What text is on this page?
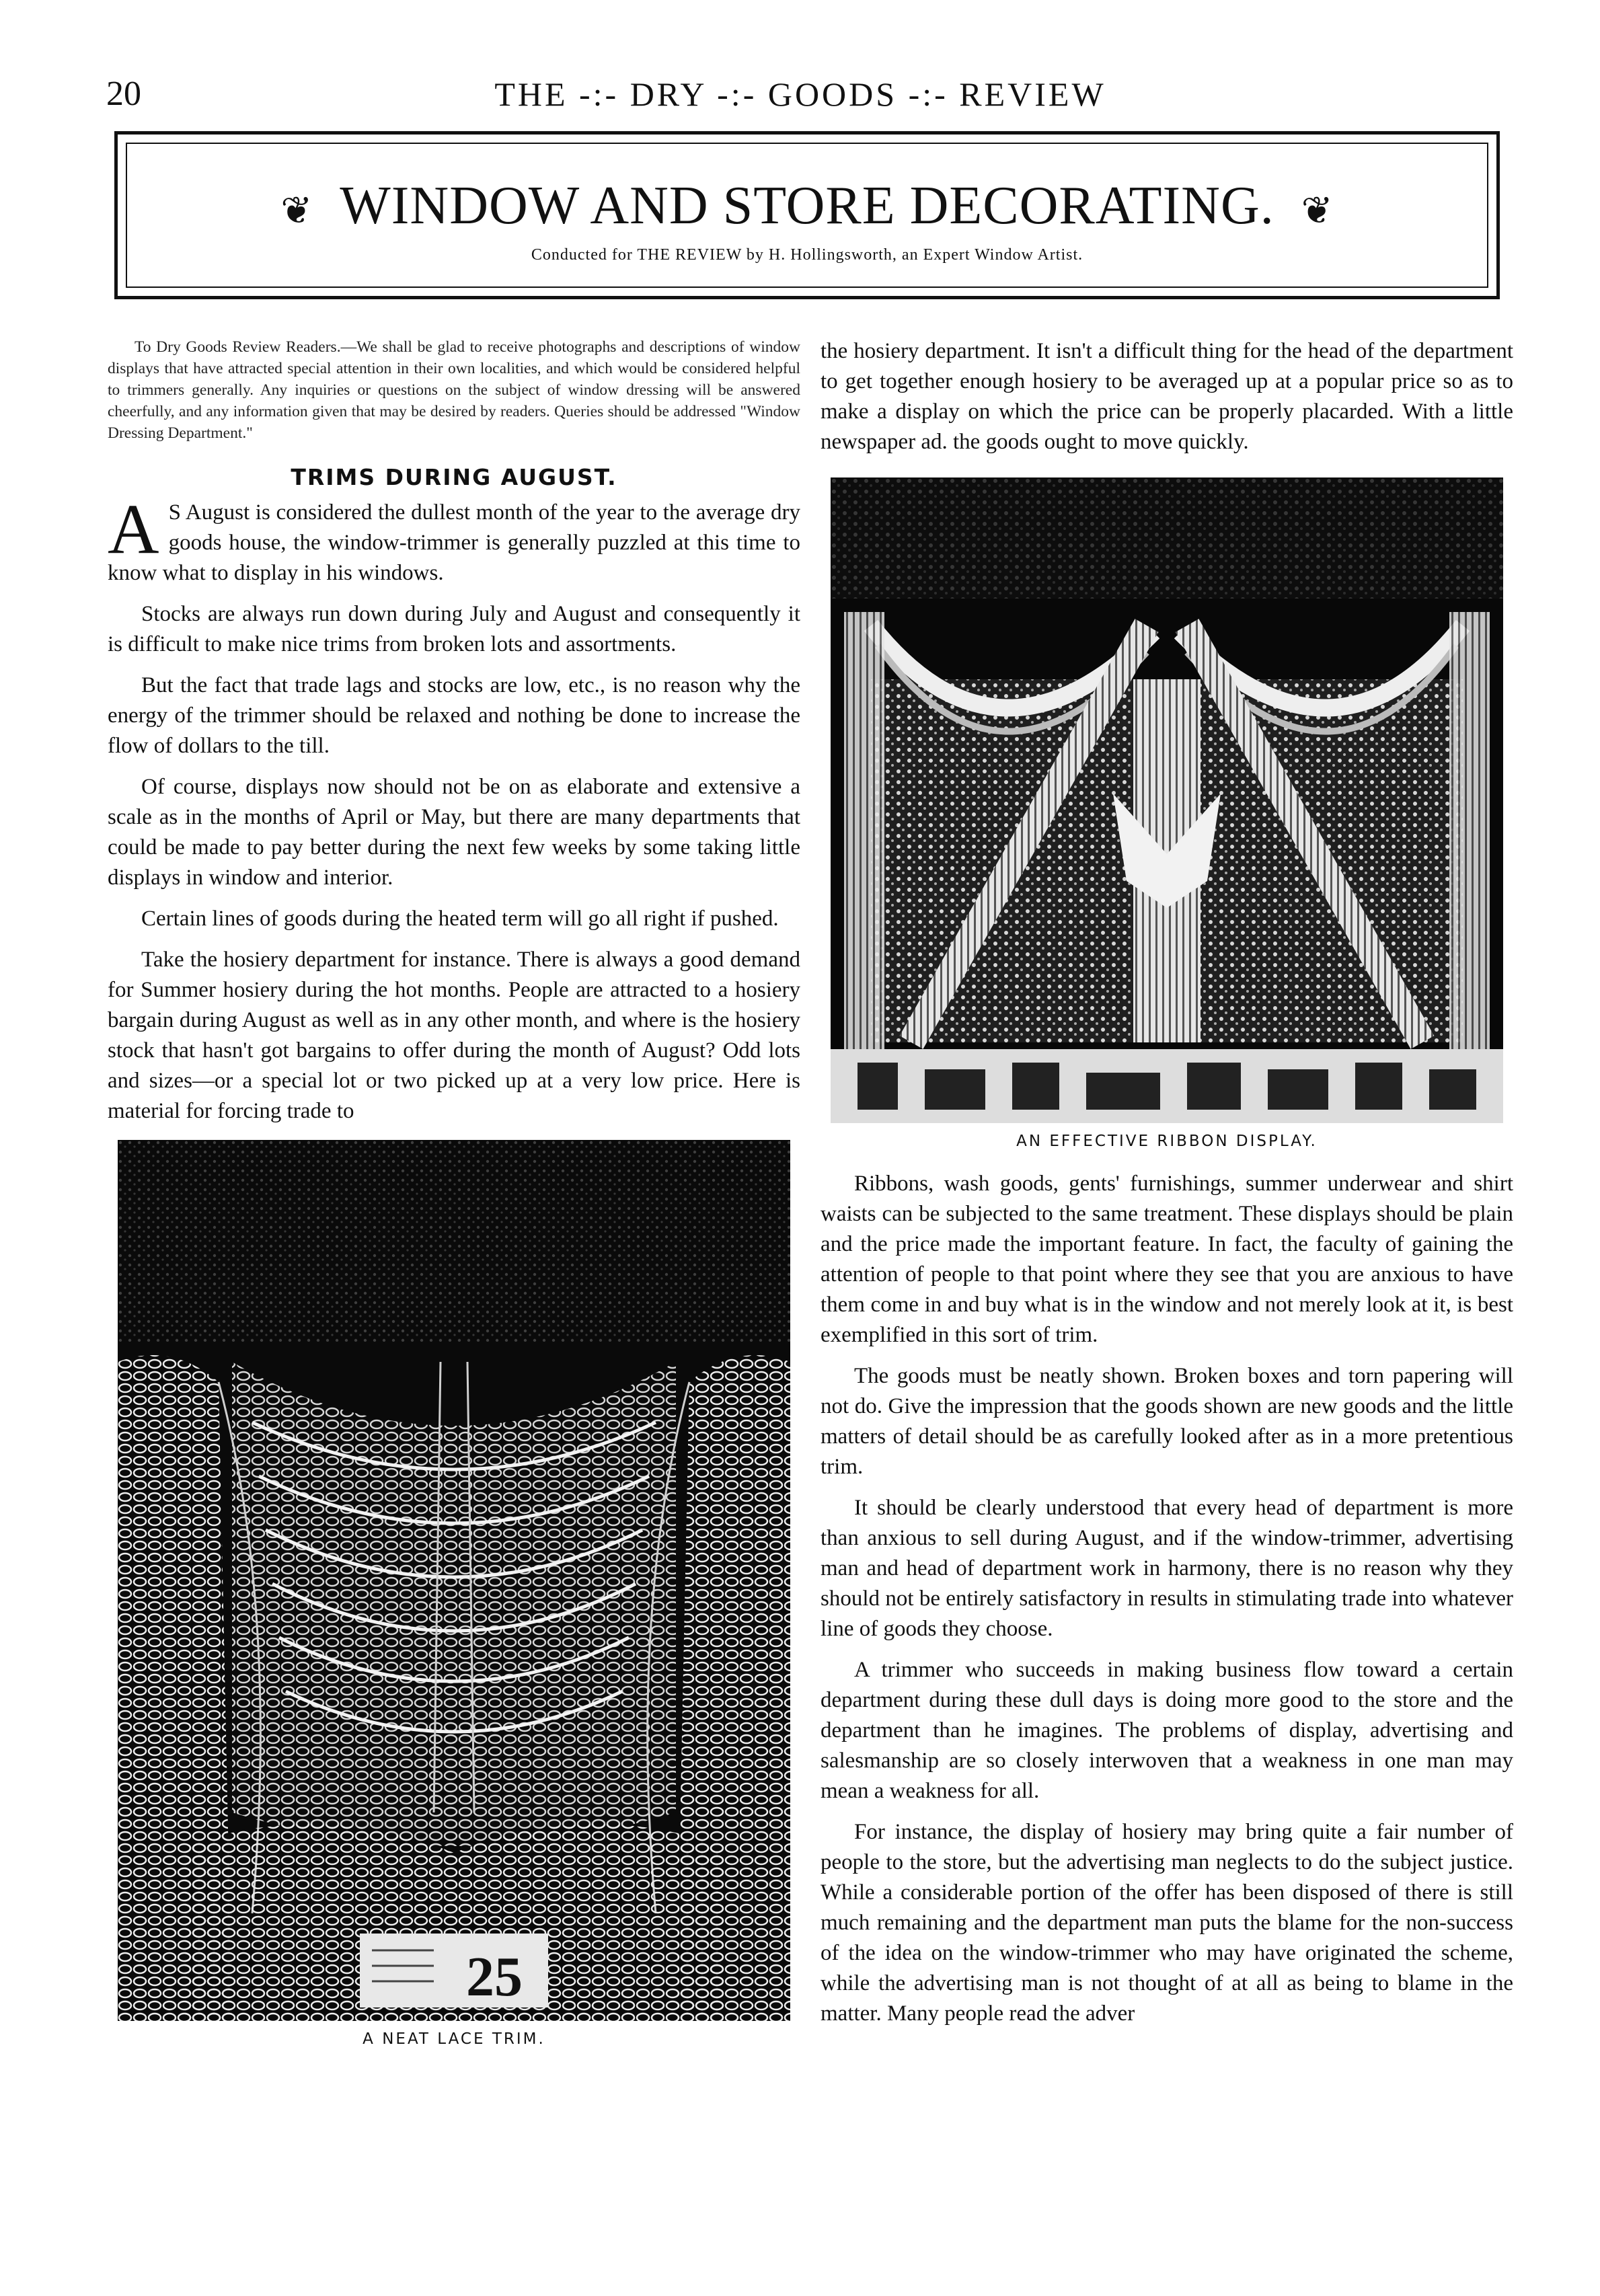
20	THE -:- DRY -:- GOODS -:- REVIEW
❦ WINDOW AND STORE DECORATING. ❦
Conducted for THE REVIEW by H. Hollingsworth, an Expert Window Artist.

To Dry Goods Review Readers.—We shall be glad to receive photographs and descriptions of window displays that have attracted special attention in their own localities, and which would be considered helpful to trimmers generally. Any inquiries or questions on the subject of window dressing will be answered cheerfully, and any information given that may be desired by readers. Queries should be addressed "Window Dressing Department."

TRIMS DURING AUGUST.

A S August is considered the dullest month of the year to the average dry goods house, the window-trimmer is generally puzzled at this time to know what to display in his windows.

Stocks are always run down during July and August and consequently it is difficult to make nice trims from broken lots and assortments.

But the fact that trade lags and stocks are low, etc., is no reason why the energy of the trimmer should be relaxed and nothing be done to increase the flow of dollars to the till.

Of course, displays now should not be on as elaborate and extensive a scale as in the months of April or May, but there are many departments that could be made to pay better during the next few weeks by some taking little displays in window and interior.

Certain lines of goods during the heated term will go all right if pushed.

Take the hosiery department for instance. There is always a good demand for Summer hosiery during the hot months. People are attracted to a hosiery bargain during August as well as in any other month, and where is the hosiery stock that hasn't got bargains to offer during the month of August? Odd lots and sizes—or a special lot or two picked up at a very low price. Here is material for forcing trade to

25
A NEAT LACE TRIM.

the hosiery department. It isn't a difficult thing for the head of the department to get together enough hosiery to be averaged up at a popular price so as to make a display on which the price can be properly placarded. With a little newspaper ad. the goods ought to move quickly.

AN EFFECTIVE RIBBON DISPLAY.

Ribbons, wash goods, gents' furnishings, summer underwear and shirt waists can be subjected to the same treatment. These displays should be plain and the price made the important feature. In fact, the faculty of gaining the attention of people to that point where they see that you are anxious to have them come in and buy what is in the window and not merely look at it, is best exemplified in this sort of trim.

The goods must be neatly shown. Broken boxes and torn papering will not do. Give the impression that the goods shown are new goods and the little matters of detail should be as carefully looked after as in a more pretentious trim.

It should be clearly understood that every head of department is more than anxious to sell during August, and if the window-trimmer, advertising man and head of department work in harmony, there is no reason why they should not be entirely satisfactory in results in stimulating trade into whatever line of goods they choose.

A trimmer who succeeds in making business flow toward a certain department during these dull days is doing more good to the store and the department than he imagines. The problems of display, advertising and salesmanship are so closely interwoven that a weakness in one man may mean a weakness for all.

For instance, the display of hosiery may bring quite a fair number of people to the store, but the advertising man neglects to do the subject justice. While a considerable portion of the offer has been disposed of there is still much remaining and the department man puts the blame for the non-success of the idea on the window-trimmer who may have originated the scheme, while the advertising man is not thought of at all as being to blame in the matter. Many people read the adver
